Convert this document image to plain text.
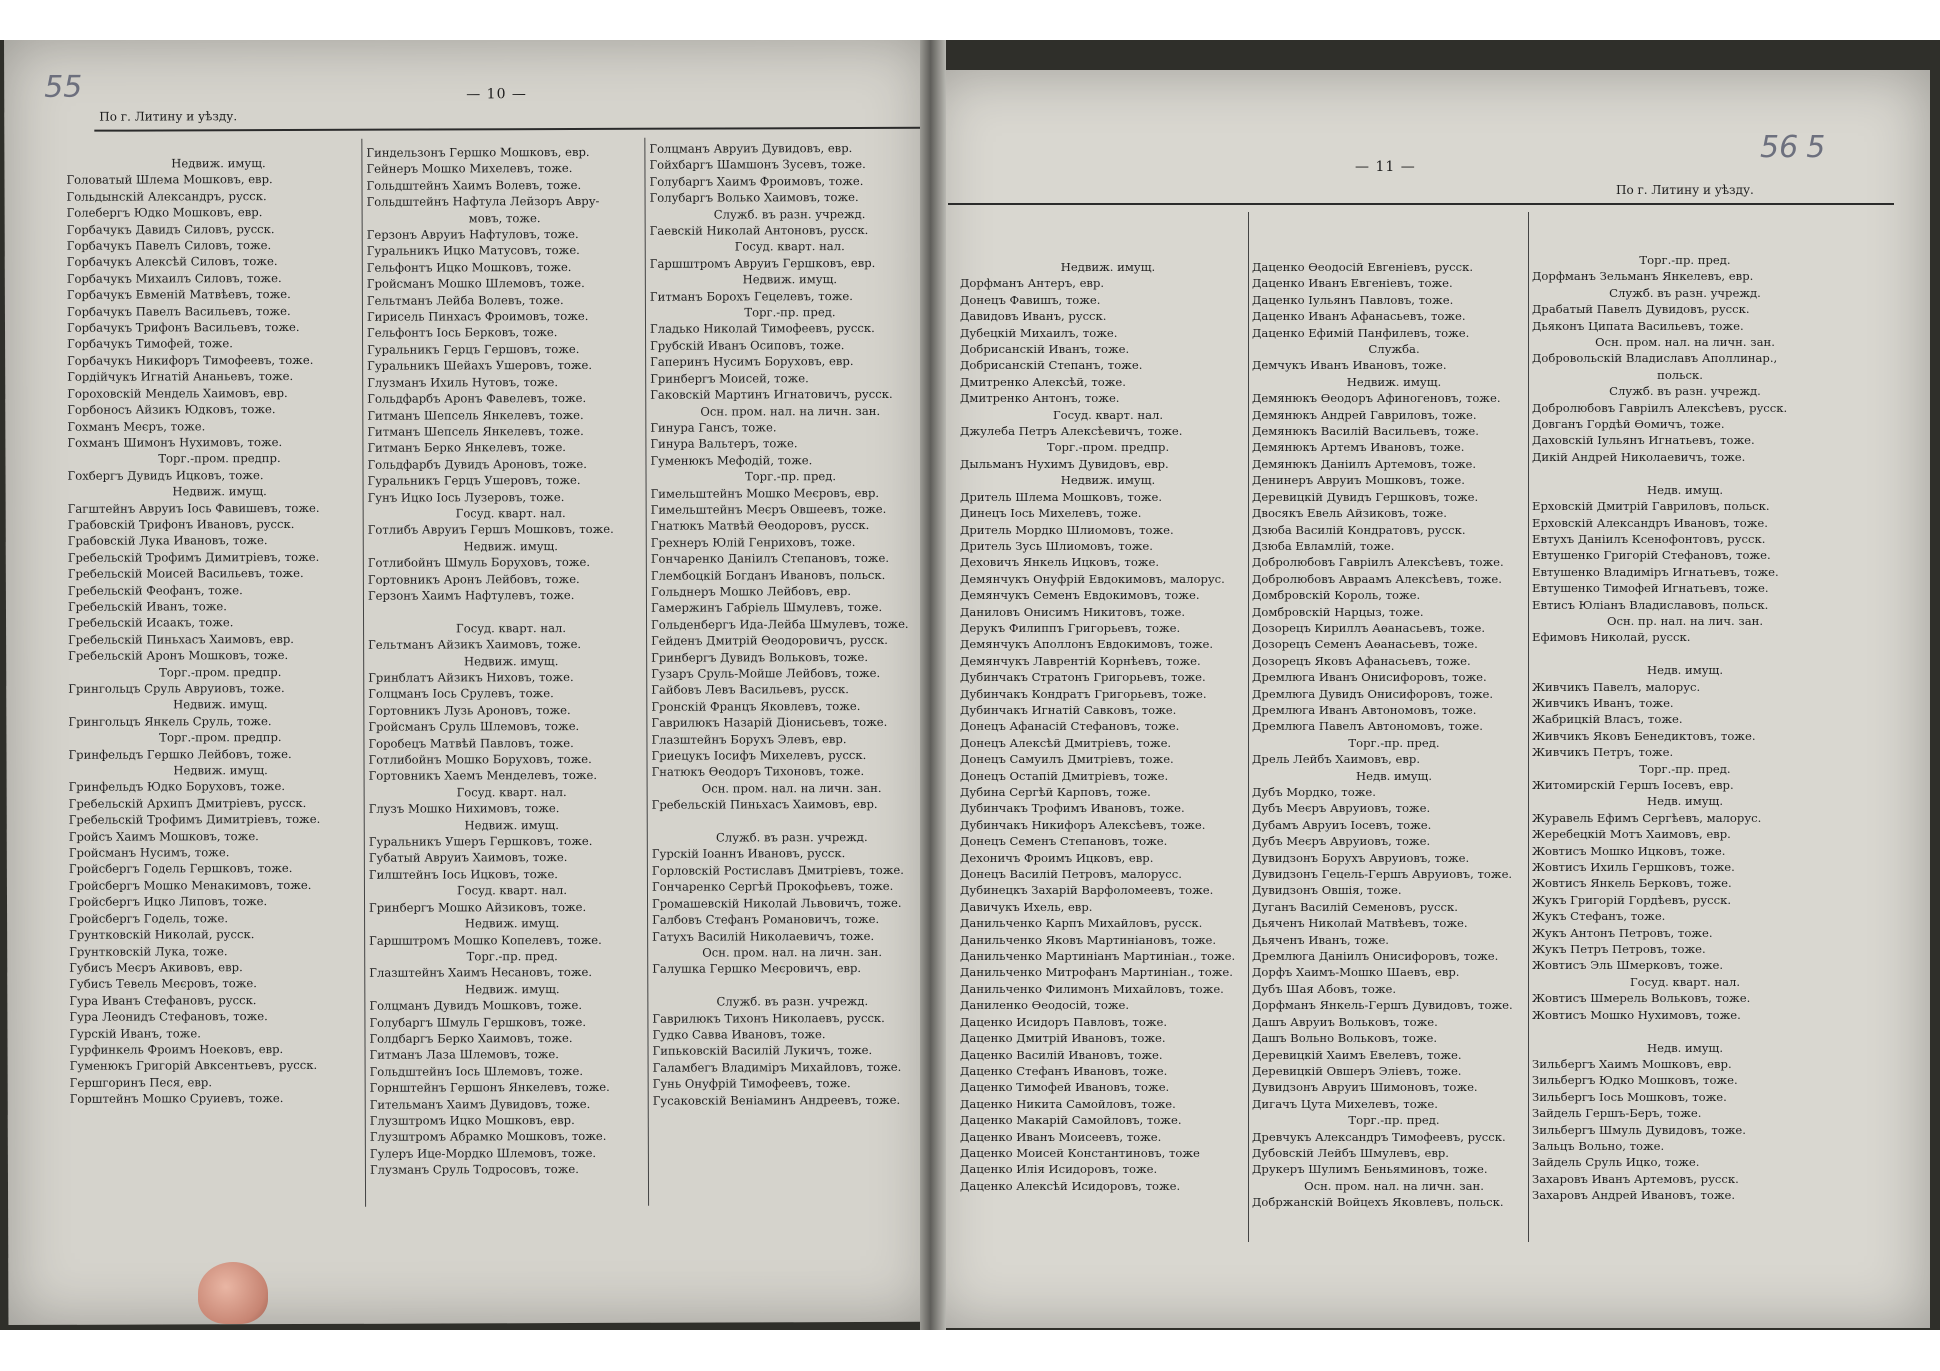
55	— 10 —
По г. Литину и уѣзду.
Недвиж. имущ.
Головатый Шлема Мошковъ, евр.
Гольдынскій Александръ, русск.
Голебергъ Юдко Мошковъ, евр.
Горбачукъ Давидъ Силовъ, русск.
Горбачукъ Павелъ Силовъ, тоже.
Горбачукъ Алексѣй Силовъ, тоже.
Горбачукъ Михаилъ Силовъ, тоже.
Горбачукъ Евменій Матвѣевъ, тоже.
Горбачукъ Павелъ Васильевъ, тоже.
Горбачукъ Трифонъ Васильевъ, тоже.
Горбачукъ Тимофей, тоже.
Горбачукъ Никифоръ Тимофеевъ, тоже.
Гордійчукъ Игнатій Ананьевъ, тоже.
Гороховскій Мендель Хаимовъ, евр.
Горбоносъ Айзикъ Юдковъ, тоже.
Гохманъ Меєръ, тоже.
Гохманъ Шимонъ Нухимовъ, тоже.
Торг.-пром. предпр.
Гохбергъ Дувидъ Ицковъ, тоже.
Недвиж. имущ.
Гагштейнъ Авруиъ Іось Фавишевъ, тоже.
Грабовскій Трифонъ Ивановъ, русск.
Грабовскій Лука Ивановъ, тоже.
Гребельскій Трофимъ Димитріевъ, тоже.
Гребельскій Моисей Васильевъ, тоже.
Гребельскій Феофанъ, тоже.
Гребельскій Иванъ, тоже.
Гребельскій Исаакъ, тоже.
Гребельскій Пиньхасъ Хаимовъ, евр.
Гребельскій Аронъ Мошковъ, тоже.
Торг.-пром. предпр.
Грингольцъ Сруль Авруиовъ, тоже.
Недвиж. имущ.
Грингольцъ Янкель Сруль, тоже.
Торг.-пром. предпр.
Гринфельдъ Гершко Лейбовъ, тоже.
Недвиж. имущ.
Гринфельдъ Юдко Боруховъ, тоже.
Гребельскій Архипъ Дмитріевъ, русск.
Гребельскій Трофимъ Димитріевъ, тоже.
Гройсъ Хаимъ Мошковъ, тоже.
Гройсманъ Нусимъ, тоже.
Гройсбергъ Годель Гершковъ, тоже.
Гройсбергъ Мошко Менакимовъ, тоже.
Гройсбергъ Ицко Липовъ, тоже.
Гройсбергъ Годель, тоже.
Грунтковскій Николай, русск.
Грунтковскій Лука, тоже.
Губисъ Меєръ Акивовъ, евр.
Губисъ Тевель Меєровъ, тоже.
Гура Иванъ Стефановъ, русск.
Гура Леонидъ Стефановъ, тоже.
Гурскій Иванъ, тоже.
Гурфинкель Фроимъ Ноековъ, евр.
Гуменюкъ Григорій Авксентьевъ, русск.
Гершгоринъ Песя, евр.
Горштейнъ Мошко Сруиевъ, тоже.
Гиндельзонъ Гершко Мошковъ, евр.
Гейнеръ Мошко Михелевъ, тоже.
Гольдштейнъ Хаимъ Волевъ, тоже.
Гольдштейнъ Нафтула Лейзоръ Авру-
мовъ, тоже.
Герзонъ Авруиъ Нафтуловъ, тоже.
Гуральникъ Ицко Матусовъ, тоже.
Гельфонтъ Ицко Мошковъ, тоже.
Гройсманъ Мошко Шлемовъ, тоже.
Гельтманъ Лейба Волевъ, тоже.
Гирисель Пинхасъ Фроимовъ, тоже.
Гельфонтъ Іось Берковъ, тоже.
Гуральникъ Герцъ Гершовъ, тоже.
Гуральникъ Шейахъ Ушеровъ, тоже.
Глузманъ Ихиль Нутовъ, тоже.
Гольдфарбъ Аронъ Фавелевъ, тоже.
Гитманъ Шепсель Янкелевъ, тоже.
Гитманъ Шепсель Янкелевъ, тоже.
Гитманъ Берко Янкелевъ, тоже.
Гольдфарбъ Дувидъ Ароновъ, тоже.
Гуральникъ Герцъ Ушеровъ, тоже.
Гунъ Ицко Іось Лузеровъ, тоже.
Госуд. кварт. нал.
Готлибъ Авруиъ Гершъ Мошковъ, тоже.
Недвиж. имущ.
Готлибойнъ Шмуль Боруховъ, тоже.
Гортовникъ Аронъ Лейбовъ, тоже.
Герзонъ Хаимъ Нафтулевъ, тоже.

Госуд. кварт. нал.
Гельтманъ Айзикъ Хаимовъ, тоже.
Недвиж. имущ.
Гринблатъ Айзикъ Ниховъ, тоже.
Голцманъ Іось Срулевъ, тоже.
Гортовникъ Лузь Ароновъ, тоже.
Гройсманъ Сруль Шлемовъ, тоже.
Горобецъ Матвѣй Павловъ, тоже.
Готлибойнъ Мошко Боруховъ, тоже.
Гортовникъ Хаемъ Менделевъ, тоже.
Госуд. кварт. нал.
Глузъ Мошко Нихимовъ, тоже.
Недвиж. имущ.
Гуральникъ Ушеръ Гершковъ, тоже.
Губатый Авруиъ Хаимовъ, тоже.
Гилштейнъ Іось Ицковъ, тоже.
Госуд. кварт. нал.
Гринбергъ Мошко Айзиковъ, тоже.
Недвиж. имущ.
Гаршштромъ Мошко Копелевъ, тоже.
Торг.-пр. пред.
Глазштейнъ Хаимъ Несановъ, тоже.
Недвиж. имущ.
Голцманъ Дувидъ Мошковъ, тоже.
Голубаргъ Шмуль Гершковъ, тоже.
Голдбаргъ Берко Хаимовъ, тоже.
Гитманъ Лаза Шлемовъ, тоже.
Гольдштейнъ Іось Шлемовъ, тоже.
Горнштейнъ Гершонъ Янкелевъ, тоже.
Гительманъ Хаимъ Дувидовъ, тоже.
Глузштромъ Ицко Мошковъ, евр.
Глузштромъ Абрамко Мошковъ, тоже.
Гулеръ Ице-Мордко Шлемовъ, тоже.
Глузманъ Сруль Тодросовъ, тоже.
Голцманъ Авруиъ Дувидовъ, евр.
Гойхбаргъ Шамшонъ Зусевъ, тоже.
Голубаргъ Хаимъ Фроимовъ, тоже.
Голубаргъ Волько Хаимовъ, тоже.
Служб. въ разн. учрежд.
Гаевскій Николай Антоновъ, русск.
Госуд. кварт. нал.
Гаршштромъ Авруиъ Гершковъ, евр.
Недвиж. имущ.
Гитманъ Борохъ Гецелевъ, тоже.
Торг.-пр. пред.
Гладько Николай Тимофеевъ, русск.
Грубскій Иванъ Осиповъ, тоже.
Гаперинъ Нусимъ Боруховъ, евр.
Гринбергъ Моисей, тоже.
Гаковскій Мартинъ Игнатовичъ, русск.
Осн. пром. нал. на личн. зан.
Гинура Гансъ, тоже.
Гинура Вальтеръ, тоже.
Гуменюкъ Мефодій, тоже.
Торг.-пр. пред.
Гимельштейнъ Мошко Меєровъ, евр.
Гимельштейнъ Меєръ Овшеевъ, тоже.
Гнатюкъ Матвѣй Өеодоровъ, русск.
Грехнеръ Юлій Генриховъ, тоже.
Гончаренко Даніилъ Степановъ, тоже.
Глембоцкій Богданъ Ивановъ, польск.
Гольднеръ Мошко Лейбовъ, евр.
Гамержинъ Габріель Шмулевъ, тоже.
Гольденбергъ Ида-Лейба Шмулевъ, тоже.
Гейденъ Дмитрій Өеодоровичъ, русск.
Гринбергъ Дувидъ Вольковъ, тоже.
Гузаръ Сруль-Мойше Лейбовъ, тоже.
Гайбовъ Левъ Васильевъ, русск.
Гронскій Францъ Яковлевъ, тоже.
Гаврилюкъ Назарій Діонисьевъ, тоже.
Глазштейнъ Борухъ Элевъ, евр.
Гриецукъ Іосифъ Михелевъ, русск.
Гнатюкъ Өеодоръ Тихоновъ, тоже.
Осн. пром. нал. на личн. зан.
Гребельскій Пиньхасъ Хаимовъ, евр.

Служб. въ разн. учрежд.
Гурскій Іоаннъ Ивановъ, русск.
Горловскій Ростиславъ Дмитріевъ, тоже.
Гончаренко Сергѣй Прокофьевъ, тоже.
Громашевскій Николай Львовичъ, тоже.
Галбовъ Стефанъ Романовичъ, тоже.
Гатухъ Василій Николаевичъ, тоже.
Осн. пром. нал. на личн. зан.
Галушка Гершко Меєровичъ, евр.

Служб. въ разн. учрежд.
Гаврилюкъ Тихонъ Николаевъ, русск.
Гудко Савва Ивановъ, тоже.
Гипьковскій Василій Лукичъ, тоже.
Галамбегъ Владиміръ Михайловъ, тоже.
Гунь Онуфрій Тимофеевъ, тоже.
Гусаковскій Веніаминъ Андреевъ, тоже.
56 5
— 11 —
По г. Литину и уѣзду.
Недвиж. имущ.
Дорфманъ Антеръ, евр.
Донецъ Фавишъ, тоже.
Давидовъ Иванъ, русск.
Дубецкій Михаилъ, тоже.
Добрисанскій Иванъ, тоже.
Добрисанскій Степанъ, тоже.
Дмитренко Алексѣй, тоже.
Дмитренко Антонъ, тоже.
Госуд. кварт. нал.
Джулеба Петръ Алексѣевичъ, тоже.
Торг.-пром. предпр.
Дыльманъ Нухимъ Дувидовъ, евр.
Недвиж. имущ.
Дритель Шлема Мошковъ, тоже.
Динецъ Іось Михелевъ, тоже.
Дритель Мордко Шлиомовъ, тоже.
Дритель Зусь Шлиомовъ, тоже.
Деховичъ Янкель Ицковъ, тоже.
Демянчукъ Онуфрій Евдокимовъ, малорус.
Демянчукъ Семенъ Евдокимовъ, тоже.
Даниловъ Онисимъ Никитовъ, тоже.
Дерукъ Филиппъ Григорьевъ, тоже.
Демянчукъ Аполлонъ Евдокимовъ, тоже.
Демянчукъ Лаврентій Корнѣевъ, тоже.
Дубинчакъ Стратонъ Григорьевъ, тоже.
Дубинчакъ Кондратъ Григорьевъ, тоже.
Дубинчакъ Игнатій Савковъ, тоже.
Донецъ Афанасій Стефановъ, тоже.
Донецъ Алексѣй Дмитріевъ, тоже.
Донецъ Самуилъ Дмитріевъ, тоже.
Донецъ Остапій Дмитріевъ, тоже.
Дубина Сергѣй Карповъ, тоже.
Дубинчакъ Трофимъ Ивановъ, тоже.
Дубинчакъ Никифоръ Алексѣевъ, тоже.
Донецъ Семенъ Степановъ, тоже.
Дехоничъ Фроимъ Ицковъ, евр.
Донецъ Василій Петровъ, малорусс.
Дубинецкъ Захарій Варфоломеевъ, тоже.
Давичукъ Ихель, евр.
Данильченко Карпъ Михайловъ, русск.
Данильченко Яковъ Мартиніановъ, тоже.
Данильченко Мартиніанъ Мартиніан., тоже.
Данильченко Митрофанъ Мартиніан., тоже.
Данильченко Филимонъ Михайловъ, тоже.
Даниленко Өеодосій, тоже.
Даценко Исидоръ Павловъ, тоже.
Даценко Дмитрій Ивановъ, тоже.
Даценко Василій Ивановъ, тоже.
Даценко Стефанъ Ивановъ, тоже.
Даценко Тимофей Ивановъ, тоже.
Даценко Никита Самойловъ, тоже.
Даценко Макарій Самойловъ, тоже.
Даценко Иванъ Моисеевъ, тоже.
Даценко Моисей Константиновъ, тоже
Даценко Илія Исидоровъ, тоже.
Даценко Алексѣй Исидоровъ, тоже.
Даценко Өеодосій Евгеніевъ, русск.
Даценко Иванъ Евгеніевъ, тоже.
Даценко Іульянъ Павловъ, тоже.
Даценко Иванъ Афанасьевъ, тоже.
Даценко Ефимій Панфилевъ, тоже.
Служба.
Демчукъ Иванъ Ивановъ, тоже.
Недвиж. имущ.
Демянюкъ Өеодоръ Афиногеновъ, тоже.
Демянюкъ Андрей Гавриловъ, тоже.
Демянюкъ Василій Васильевъ, тоже.
Демянюкъ Артемъ Ивановъ, тоже.
Демянюкъ Даніилъ Артемовъ, тоже.
Денинеръ Авруиъ Мошковъ, тоже.
Деревицкій Дувидъ Гершковъ, тоже.
Двосякъ Евель Айзиковъ, тоже.
Дзюба Василій Кондратовъ, русск.
Дзюба Евламлій, тоже.
Добролюбовъ Гавріилъ Алексѣевъ, тоже.
Добролюбовъ Авраамъ Алексѣевъ, тоже.
Домбровскій Король, тоже.
Домбровскій Нарцыз, тоже.
Дозорецъ Кириллъ Аөанасьевъ, тоже.
Дозорецъ Семенъ Аөанасьевъ, тоже.
Дозорецъ Яковъ Афанасьевъ, тоже.
Дремлюга Иванъ Онисифоровъ, тоже.
Дремлюга Дувидъ Онисифоровъ, тоже.
Дремлюга Иванъ Автономовъ, тоже.
Дремлюга Павелъ Автономовъ, тоже.
Торг.-пр. пред.
Дрель Лейбъ Хаимовъ, евр.
Недв. имущ.
Дубъ Мордко, тоже.
Дубъ Меєръ Авруиовъ, тоже.
Дубамъ Авруиъ Іосевъ, тоже.
Дубъ Меєръ Авруиовъ, тоже.
Дувидзонъ Борухъ Авруиовъ, тоже.
Дувидзонъ Гецель-Гершъ Авруиовъ, тоже.
Дувидзонъ Овшія, тоже.
Дуганъ Василій Семеновъ, русск.
Дьяченъ Николай Матвѣевъ, тоже.
Дьяченъ Иванъ, тоже.
Дремлюга Даніилъ Онисифоровъ, тоже.
Дорфъ Хаимъ-Мошко Шаевъ, евр.
Дубъ Шая Абовъ, тоже.
Дорфманъ Янкель-Гершъ Дувидовъ, тоже.
Дашъ Авруиъ Вольковъ, тоже.
Дашъ Вольно Вольковъ, тоже.
Деревицкій Хаимъ Евелевъ, тоже.
Деревицкій Овшеръ Эліевъ, тоже.
Дувидзонъ Авруиъ Шимоновъ, тоже.
Дигачъ Цута Михелевъ, тоже.
Торг.-пр. пред.
Древчукъ Александръ Тимофеевъ, русск.
Дубовскій Лейбъ Шмулевъ, евр.
Друкеръ Шулимъ Беньяминовъ, тоже.
Осн. пром. нал. на личн. зан.
Добржанскій Войцехъ Яковлевъ, польск.
Торг.-пр. пред.
Дорфманъ Зельманъ Янкелевъ, евр.
Служб. въ разн. учрежд.
Драбатый Павелъ Дувидовъ, русск.
Дьяконъ Ципата Васильевъ, тоже.
Осн. пром. нал. на личн. зан.
Добровольскій Владиславъ Аполлинар.,
польск.
Служб. въ разн. учрежд.
Добролюбовъ Гавріилъ Алексѣевъ, русск.
Довганъ Гордѣй Өомичъ, тоже.
Даховскій Іульянъ Игнатьевъ, тоже.
Дикій Андрей Николаевичъ, тоже.

Недв. имущ.
Ерховскій Дмитрій Гавриловъ, польск.
Ерховскій Александръ Ивановъ, тоже.
Евтухъ Даніилъ Ксенофонтовъ, русск.
Евтушенко Григорій Стефановъ, тоже.
Евтушенко Владиміръ Игнатьевъ, тоже.
Евтушенко Тимофей Игнатьевъ, тоже.
Евтисъ Юліанъ Владиславовъ, польск.
Осн. пр. нал. на лич. зан.
Ефимовъ Николай, русск.

Недв. имущ.
Живчикъ Павелъ, малорус.
Живчикъ Иванъ, тоже.
Жабрицкій Власъ, тоже.
Живчикъ Яковъ Бенедиктовъ, тоже.
Живчикъ Петръ, тоже.
Торг.-пр. пред.
Житомирскій Гершъ Іосевъ, евр.
Недв. имущ.
Журавель Ефимъ Сергѣевъ, малорус.
Жеребецкій Мотъ Хаимовъ, евр.
Жовтисъ Мошко Ицковъ, тоже.
Жовтисъ Ихиль Гершковъ, тоже.
Жовтисъ Янкель Берковъ, тоже.
Жукъ Григорій Гордѣевъ, русск.
Жукъ Стефанъ, тоже.
Жукъ Антонъ Петровъ, тоже.
Жукъ Петръ Петровъ, тоже.
Жовтисъ Эль Шмерковъ, тоже.
Госуд. кварт. нал.
Жовтисъ Шмерель Вольковъ, тоже.
Жовтисъ Мошко Нухимовъ, тоже.

Недв. имущ.
Зильбергъ Хаимъ Мошковъ, евр.
Зильбергъ Юдко Мошковъ, тоже.
Зильбергъ Іось Мошковъ, тоже.
Зайдель Гершъ-Беръ, тоже.
Зильбергъ Шмуль Дувидовъ, тоже.
Зальцъ Вольно, тоже.
Зайдель Сруль Ицко, тоже.
Захаровъ Иванъ Артемовъ, русск.
Захаровъ Андрей Ивановъ, тоже.
